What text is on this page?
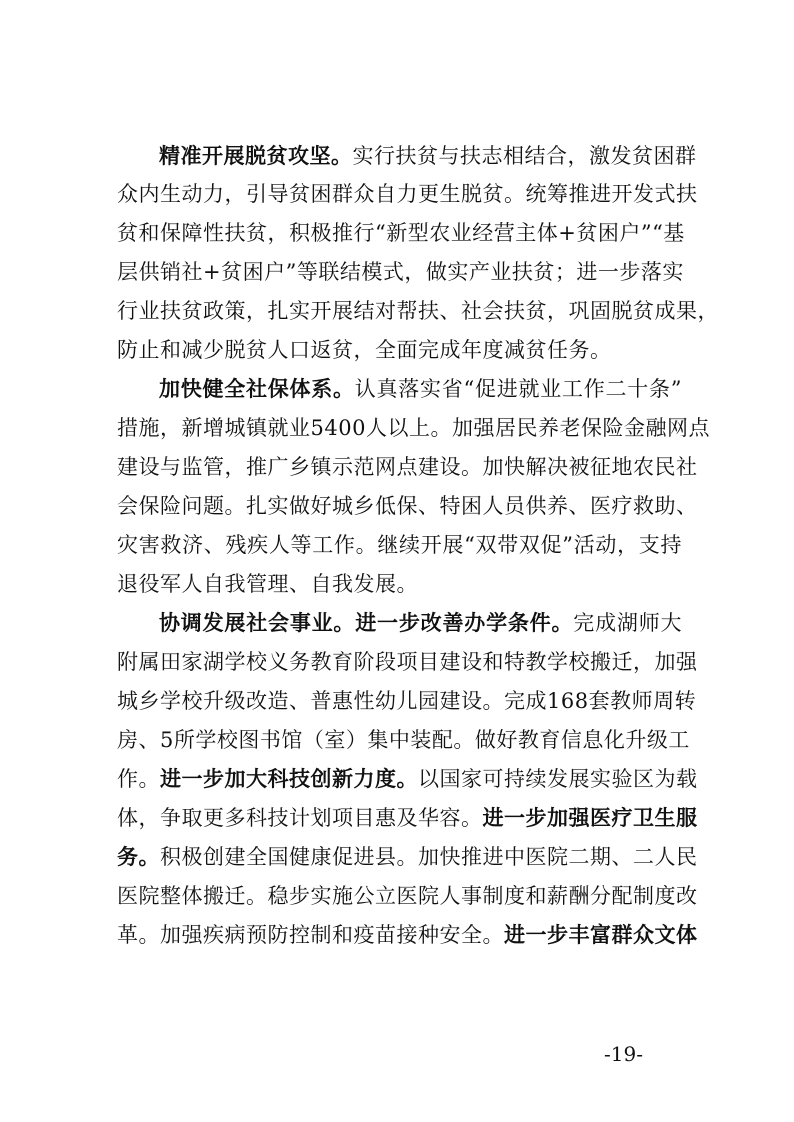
精准开展脱贫攻坚。实行扶贫与扶志相结合，激发贫困群
众内生动力，引导贫困群众自力更生脱贫。统筹推进开发式扶
贫和保障性扶贫，积极推行“新型农业经营主体+贫困户”“基
层供销社+贫困户”等联结模式，做实产业扶贫；进一步落实
行业扶贫政策，扎实开展结对帮扶、社会扶贫，巩固脱贫成果，
防止和减少脱贫人口返贫，全面完成年度减贫任务。
加快健全社保体系。认真落实省“促进就业工作二十条”
措施，新增城镇就业5400人以上。加强居民养老保险金融网点
建设与监管，推广乡镇示范网点建设。加快解决被征地农民社
会保险问题。扎实做好城乡低保、特困人员供养、医疗救助、
灾害救济、残疾人等工作。继续开展“双带双促”活动，支持
退役军人自我管理、自我发展。
协调发展社会事业。进一步改善办学条件。完成湖师大
附属田家湖学校义务教育阶段项目建设和特教学校搬迁，加强
城乡学校升级改造、普惠性幼儿园建设。完成168套教师周转
房、5所学校图书馆（室）集中装配。做好教育信息化升级工
作。进一步加大科技创新力度。以国家可持续发展实验区为载
体，争取更多科技计划项目惠及华容。进一步加强医疗卫生服
务。积极创建全国健康促进县。加快推进中医院二期、二人民
医院整体搬迁。稳步实施公立医院人事制度和薪酬分配制度改
革。加强疾病预防控制和疫苗接种安全。进一步丰富群众文体
-19-
